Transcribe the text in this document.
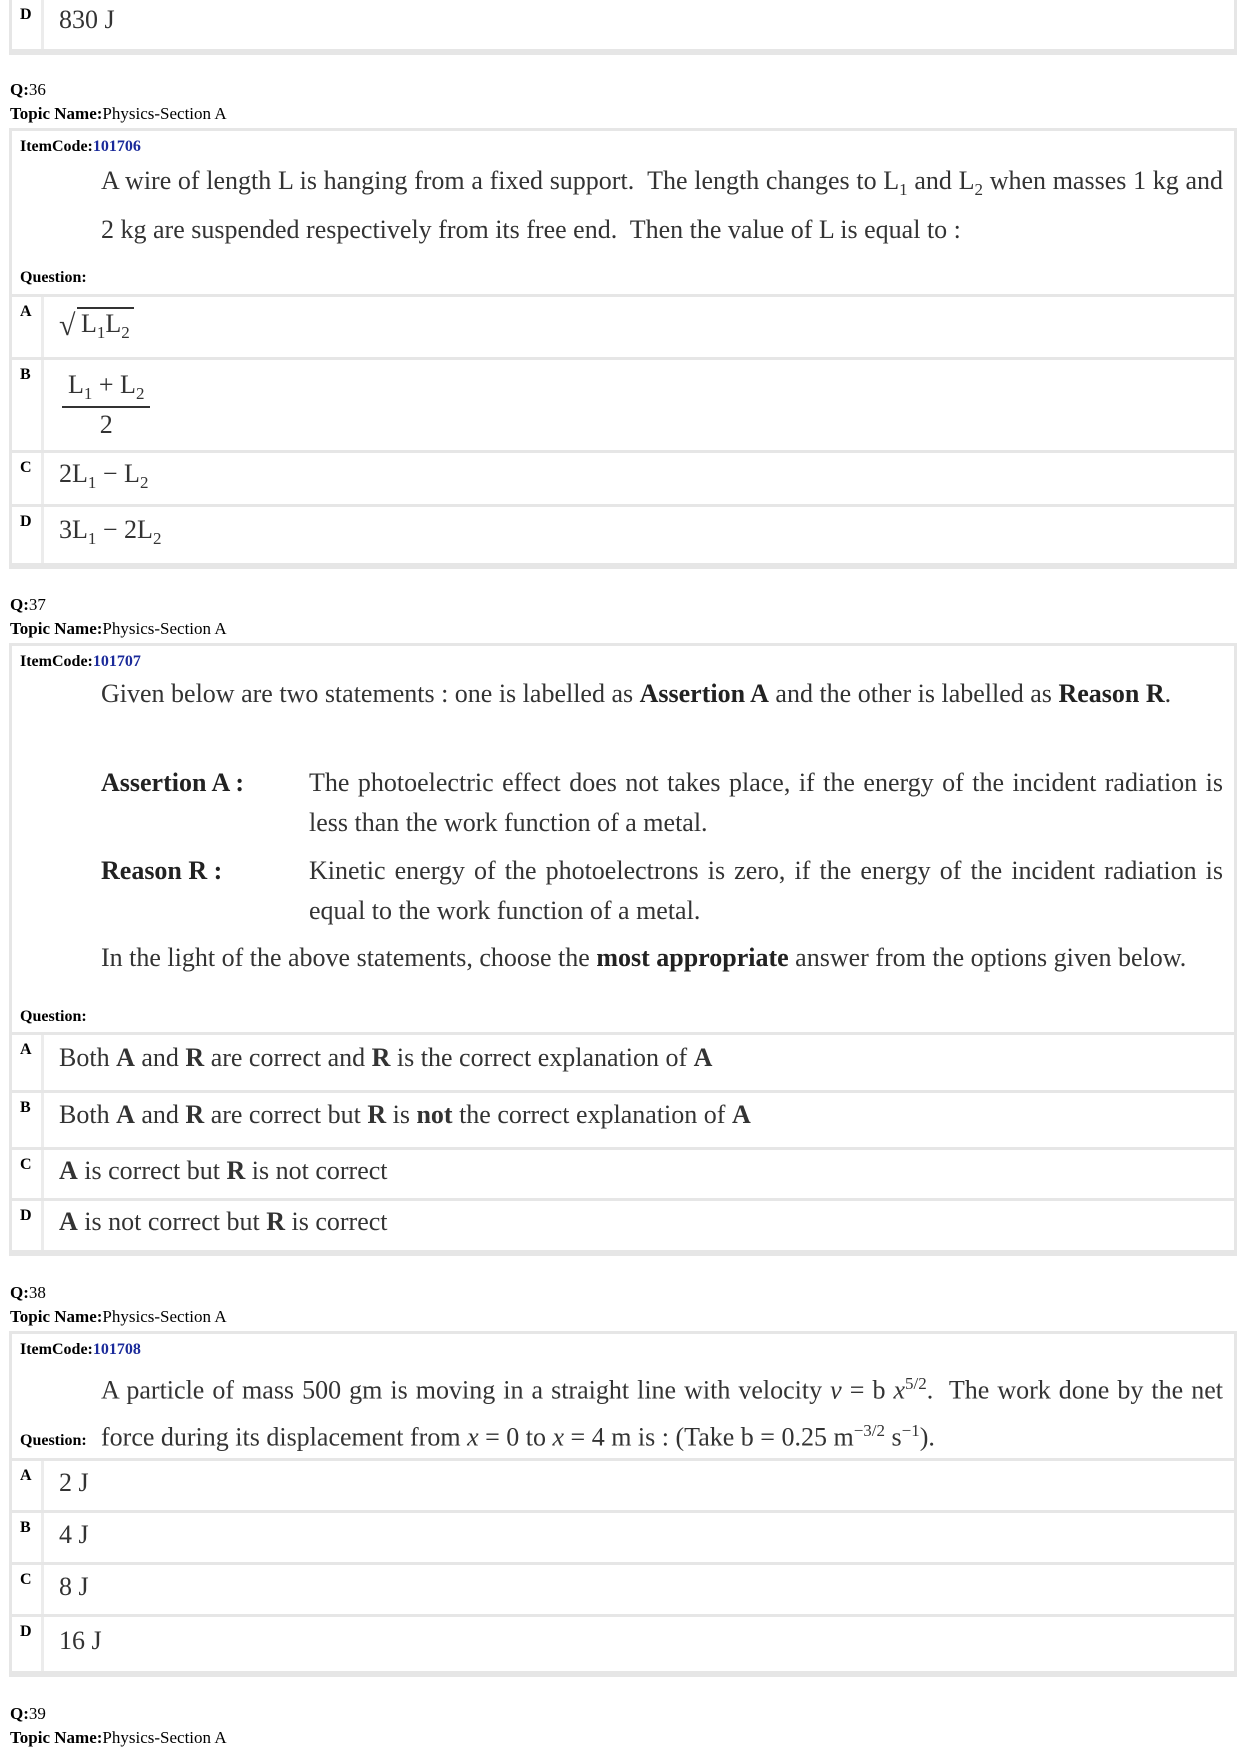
D 830 J
Q:36
Topic Name:Physics-Section A
ItemCode:101706
A wire of length L is hanging from a fixed support.  The length changes to $L_1$ and $L_2$ when masses 1 kg and 2 kg are suspended respectively from its free end.  Then the value of L is equal to :
Question:
A √ $L_1L_2$
B $\frac{L_1 + L_2}{2}$
C $2L_1 - L_2$
D $3L_1 - 2L_2$
Q:37
Topic Name:Physics-Section A
ItemCode:101707
Given below are two statements : one is labelled as Assertion A and the other is labelled as Reason R.
Assertion A :	The photoelectric effect does not takes place, if the energy of the incident radiation is less than the work function of a metal.
Reason R :	Kinetic energy of the photoelectrons is zero, if the energy of the incident radiation is equal to the work function of a metal.
In the light of the above statements, choose the most appropriate answer from the options given below.
Question:
A Both A and R are correct and R is the correct explanation of A
B Both A and R are correct but R is not the correct explanation of A
C A is correct but R is not correct
D A is not correct but R is correct
Q:38
Topic Name:Physics-Section A
ItemCode:101708
A particle of mass 500 gm is moving in a straight line with velocity v = b $x^{5/2}$.  The work done by the net force during its displacement from x = 0 to x = 4 m is : (Take b = 0.25 $m^{-3/2}$ $s^{-1}$).
Question:
A 2 J
B 4 J
C 8 J
D 16 J
Q:39
Topic Name:Physics-Section A
